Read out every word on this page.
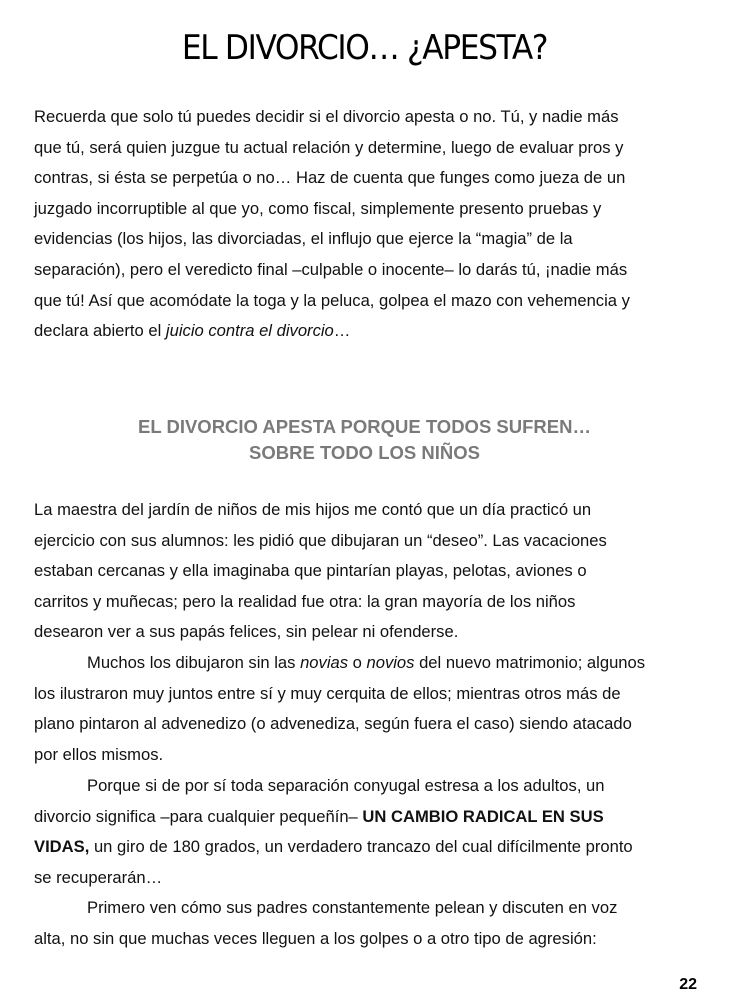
EL DIVORCIO… ¿APESTA?
Recuerda que solo tú puedes decidir si el divorcio apesta o no. Tú, y nadie más
que tú, será quien juzgue tu actual relación y determine, luego de evaluar pros y
contras, si ésta se perpetúa o no… Haz de cuenta que funges como jueza de un
juzgado incorruptible al que yo, como fiscal, simplemente presento pruebas y
evidencias (los hijos, las divorciadas, el influjo que ejerce la “magia” de la
separación), pero el veredicto final –culpable o inocente– lo darás tú, ¡nadie más
que tú! Así que acomódate la toga y la peluca, golpea el mazo con vehemencia y
declara abierto el juicio contra el divorcio…
EL DIVORCIO APESTA PORQUE TODOS SUFREN…
SOBRE TODO LOS NIÑOS
La maestra del jardín de niños de mis hijos me contó que un día practicó un
ejercicio con sus alumnos: les pidió que dibujaran un “deseo”. Las vacaciones
estaban cercanas y ella imaginaba que pintarían playas, pelotas, aviones o
carritos y muñecas; pero la realidad fue otra: la gran mayoría de los niños
desearon ver a sus papás felices, sin pelear ni ofenderse.
Muchos los dibujaron sin las novias o novios del nuevo matrimonio; algunos
los ilustraron muy juntos entre sí y muy cerquita de ellos; mientras otros más de
plano pintaron al advenedizo (o advenediza, según fuera el caso) siendo atacado
por ellos mismos.
Porque si de por sí toda separación conyugal estresa a los adultos, un
divorcio significa –para cualquier pequeñín– UN CAMBIO RADICAL EN SUS
VIDAS, un giro de 180 grados, un verdadero trancazo del cual difícilmente pronto
se recuperarán…
Primero ven cómo sus padres constantemente pelean y discuten en voz
alta, no sin que muchas veces lleguen a los golpes o a otro tipo de agresión:
22
